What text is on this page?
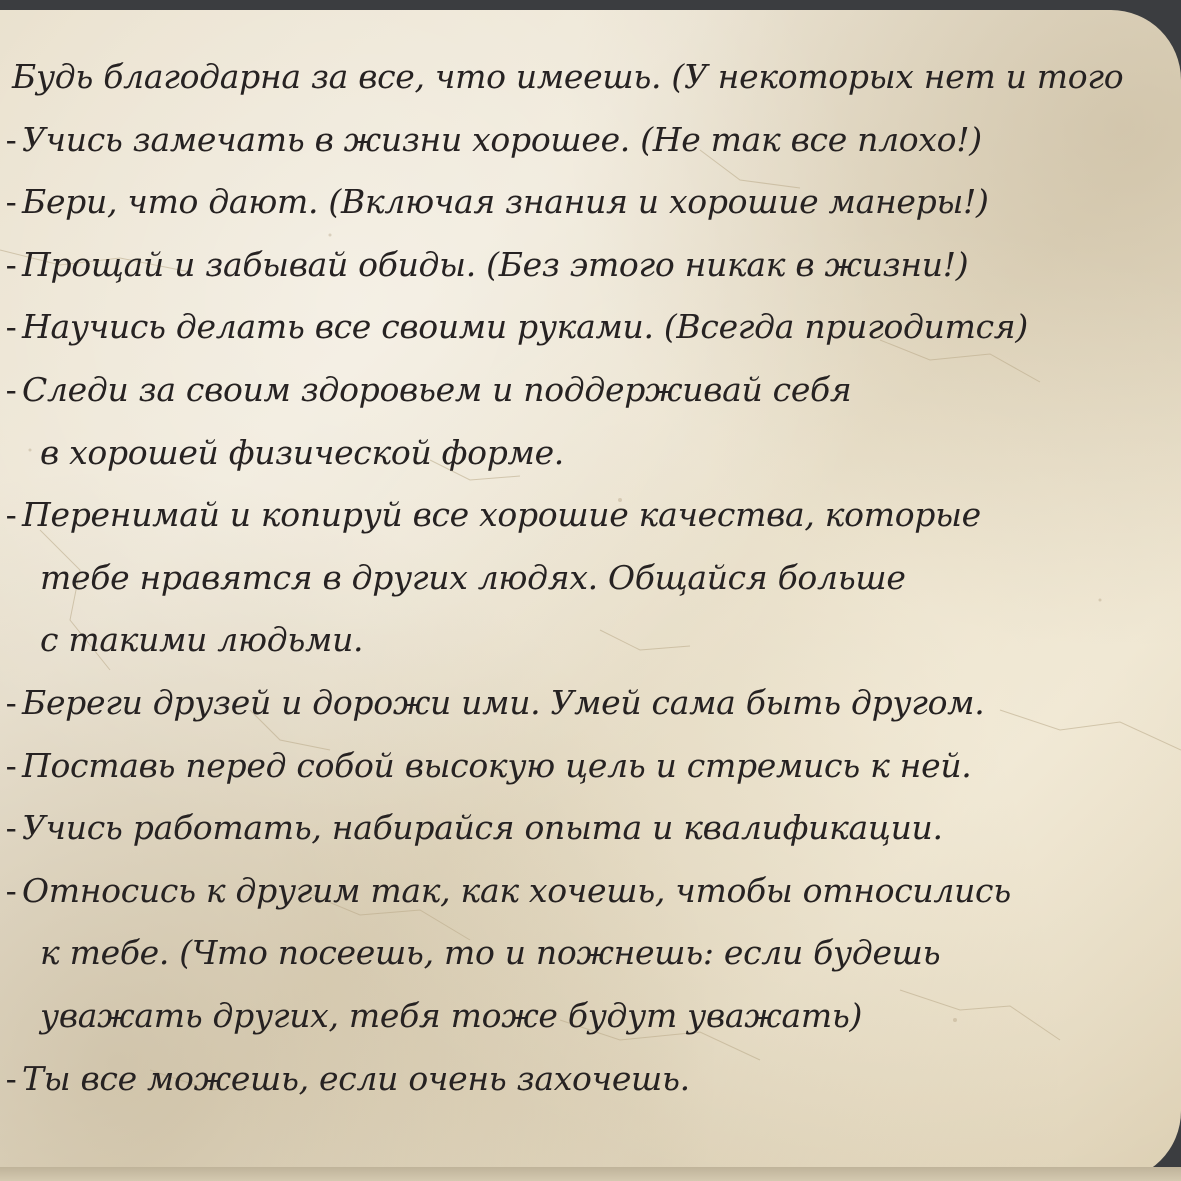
Будь благодарна за все, что имеешь. (У некоторых нет и того
- Учись замечать в жизни хорошее. (Не так все плохо!)
- Бери, что дают. (Включая знания и хорошие манеры!)
- Прощай и забывай обиды. (Без этого никак в жизни!)
- Научись делать все своими руками. (Всегда пригодится)
- Следи за своим здоровьем и поддерживай себя
в хорошей физической форме.
- Перенимай и копируй все хорошие качества, которые
тебе нравятся в других людях. Общайся больше
с такими людьми.
- Береги друзей и дорожи ими. Умей сама быть другом.
- Поставь перед собой высокую цель и стремись к ней.
- Учись работать, набирайся опыта и квалификации.
- Относись к другим так, как хочешь, чтобы относились
к тебе. (Что посеешь, то и пожнешь: если будешь
уважать других, тебя тоже будут уважать)
- Ты все можешь, если очень захочешь.
